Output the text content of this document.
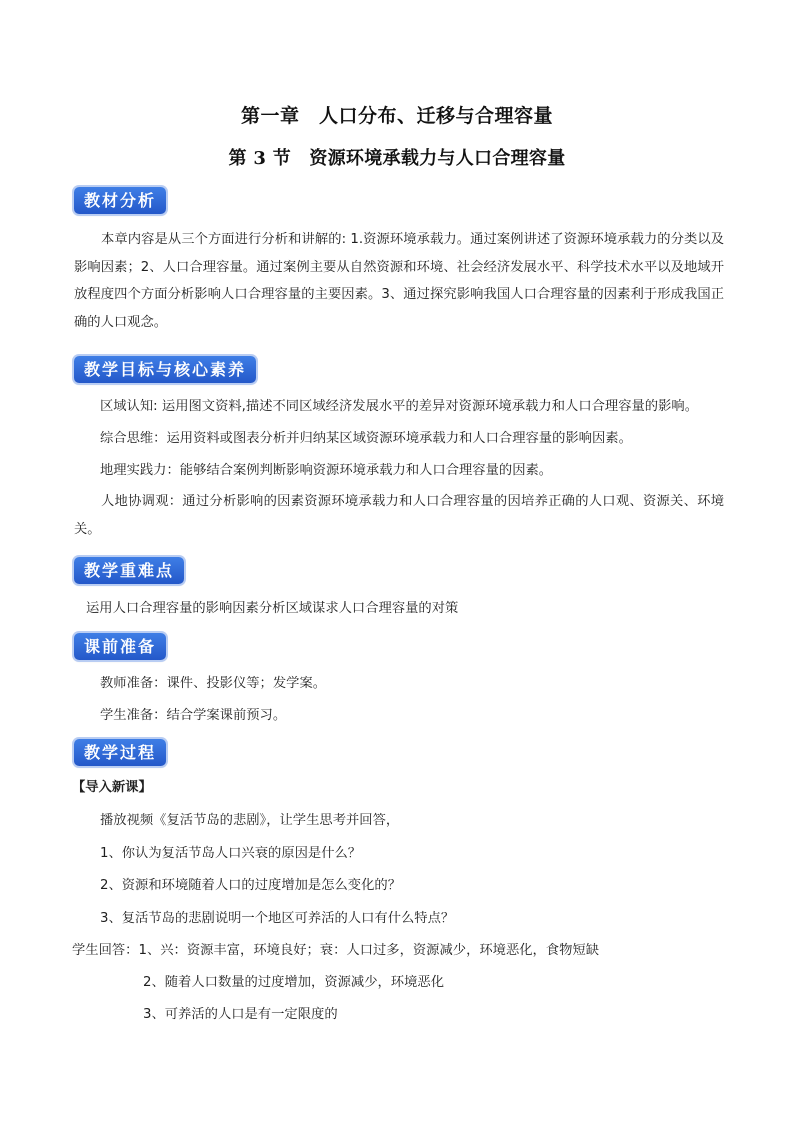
第一章　人口分布、迁移与合理容量
第 3 节　资源环境承载力与人口合理容量
教材分析
本章内容是从三个方面进行分析和讲解的: 1.资源环境承载力。通过案例讲述了资源环境承载力的分类以及影响因素；2、人口合理容量。通过案例主要从自然资源和环境、社会经济发展水平、科学技术水平以及地域开放程度四个方面分析影响人口合理容量的主要因素。3、通过探究影响我国人口合理容量的因素利于形成我国正确的人口观念。
教学目标与核心素养
区域认知: 运用图文资料,描述不同区域经济发展水平的差异对资源环境承载力和人口合理容量的影响。
综合思维：运用资料或图表分析并归纳某区域资源环境承载力和人口合理容量的影响因素。
地理实践力：能够结合案例判断影响资源环境承载力和人口合理容量的因素。
人地协调观：通过分析影响的因素资源环境承载力和人口合理容量的因培养正确的人口观、资源关、环境关。
教学重难点
运用人口合理容量的影响因素分析区域谋求人口合理容量的对策
课前准备
教师准备：课件、投影仪等；发学案。
学生准备：结合学案课前预习。
教学过程
【导入新课】
播放视频《复活节岛的悲剧》，让学生思考并回答，
1、你认为复活节岛人口兴衰的原因是什么？
2、资源和环境随着人口的过度增加是怎么变化的？
3、复活节岛的悲剧说明一个地区可养活的人口有什么特点？
学生回答：1、兴：资源丰富，环境良好；衰：人口过多，资源减少，环境恶化，食物短缺
2、随着人口数量的过度增加，资源减少，环境恶化
3、可养活的人口是有一定限度的
